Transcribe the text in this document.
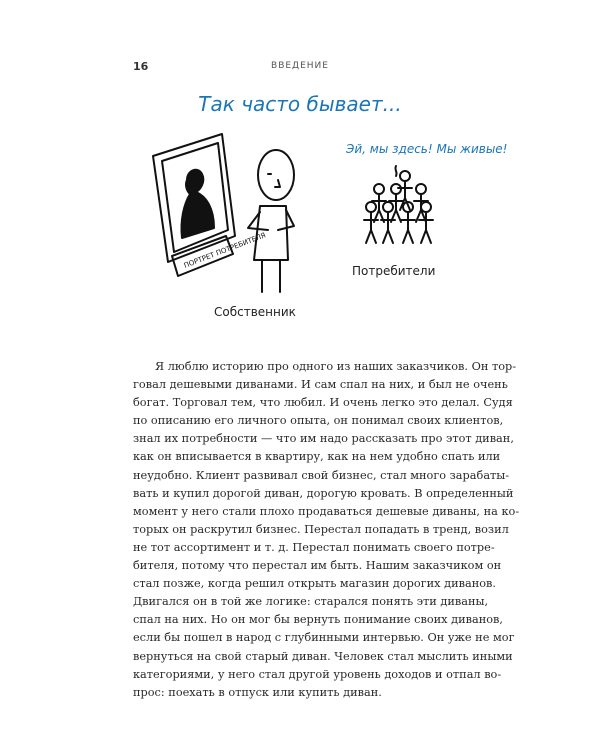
16	ВВЕДЕНИЕ
Так часто бывает...
ПОРТРЕТ ПОТРЕБИТЕЛЯ
Эй, мы здесь! Мы живые!
Собственник
Потребители
Я люблю историю про одного из наших заказчиков. Он тор-
говал дешевыми диванами. И сам спал на них, и был не очень
богат. Торговал тем, что любил. И очень легко это делал. Судя
по описанию его личного опыта, он понимал своих клиентов,
знал их потребности — что им надо рассказать про этот диван,
как он вписывается в квартиру, как на нем удобно спать или
неудобно. Клиент развивал свой бизнес, стал много зарабаты-
вать и купил дорогой диван, дорогую кровать. В определенный
момент у него стали плохо продаваться дешевые диваны, на ко-
торых он раскрутил бизнес. Перестал попадать в тренд, возил
не тот ассортимент и т. д. Перестал понимать своего потре-
бителя, потому что перестал им быть. Нашим заказчиком он
стал позже, когда решил открыть магазин дорогих диванов.
Двигался он в той же логике: старался понять эти диваны,
спал на них. Но он мог бы вернуть понимание своих диванов,
если бы пошел в народ с глубинными интервью. Он уже не мог
вернуться на свой старый диван. Человек стал мыслить иными
категориями, у него стал другой уровень доходов и отпал во-
прос: поехать в отпуск или купить диван.
